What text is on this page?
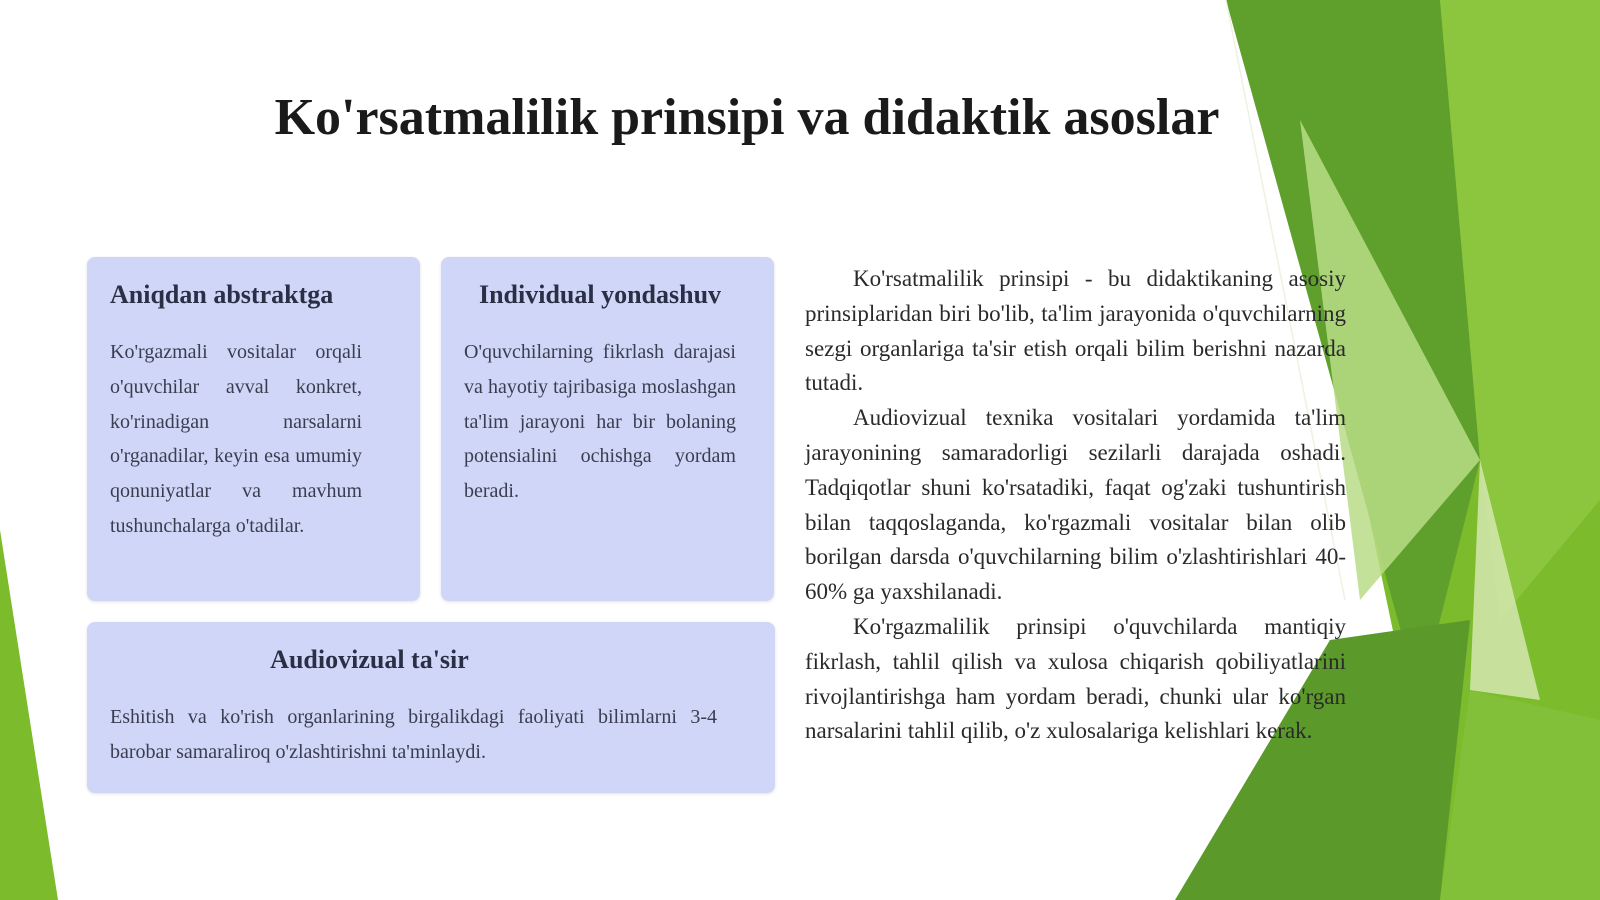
Ko'rsatmalilik prinsipi va didaktik asoslar
Aniqdan abstraktga

Ko'rgazmali vositalar orqali o'quvchilar avval konkret, ko'rinadigan narsalarni o'rganadilar, keyin esa umumiy qonuniyatlar va mavhum tushunchalarga o'tadilar.

Individual yondashuv

O'quvchilarning fikrlash darajasi va hayotiy tajribasiga moslashgan ta'lim jarayoni har bir bolaning potensialini ochishga yordam beradi.

Audiovizual ta'sir

Eshitish va ko'rish organlarining birgalikdagi faoliyati bilimlarni 3-4 barobar samaraliroq o'zlashtirishni ta'minlaydi.

Ko'rsatmalilik prinsipi - bu didaktikaning asosiy prinsiplaridan biri bo'lib, ta'lim jarayonida o'quvchilarning sezgi organlariga ta'sir etish orqali bilim berishni nazarda tutadi.

Audiovizual texnika vositalari yordamida ta'lim jarayonining samaradorligi sezilarli darajada oshadi. Tadqiqotlar shuni ko'rsatadiki, faqat og'zaki tushuntirish bilan taqqoslaganda, ko'rgazmali vositalar bilan olib borilgan darsda o'quvchilarning bilim o'zlashtirishlari 40-60% ga yaxshilanadi.

Ko'rgazmalilik prinsipi o'quvchilarda mantiqiy fikrlash, tahlil qilish va xulosa chiqarish qobiliyatlarini rivojlantirishga ham yordam beradi, chunki ular ko'rgan narsalarini tahlil qilib, o'z xulosalariga kelishlari kerak.
